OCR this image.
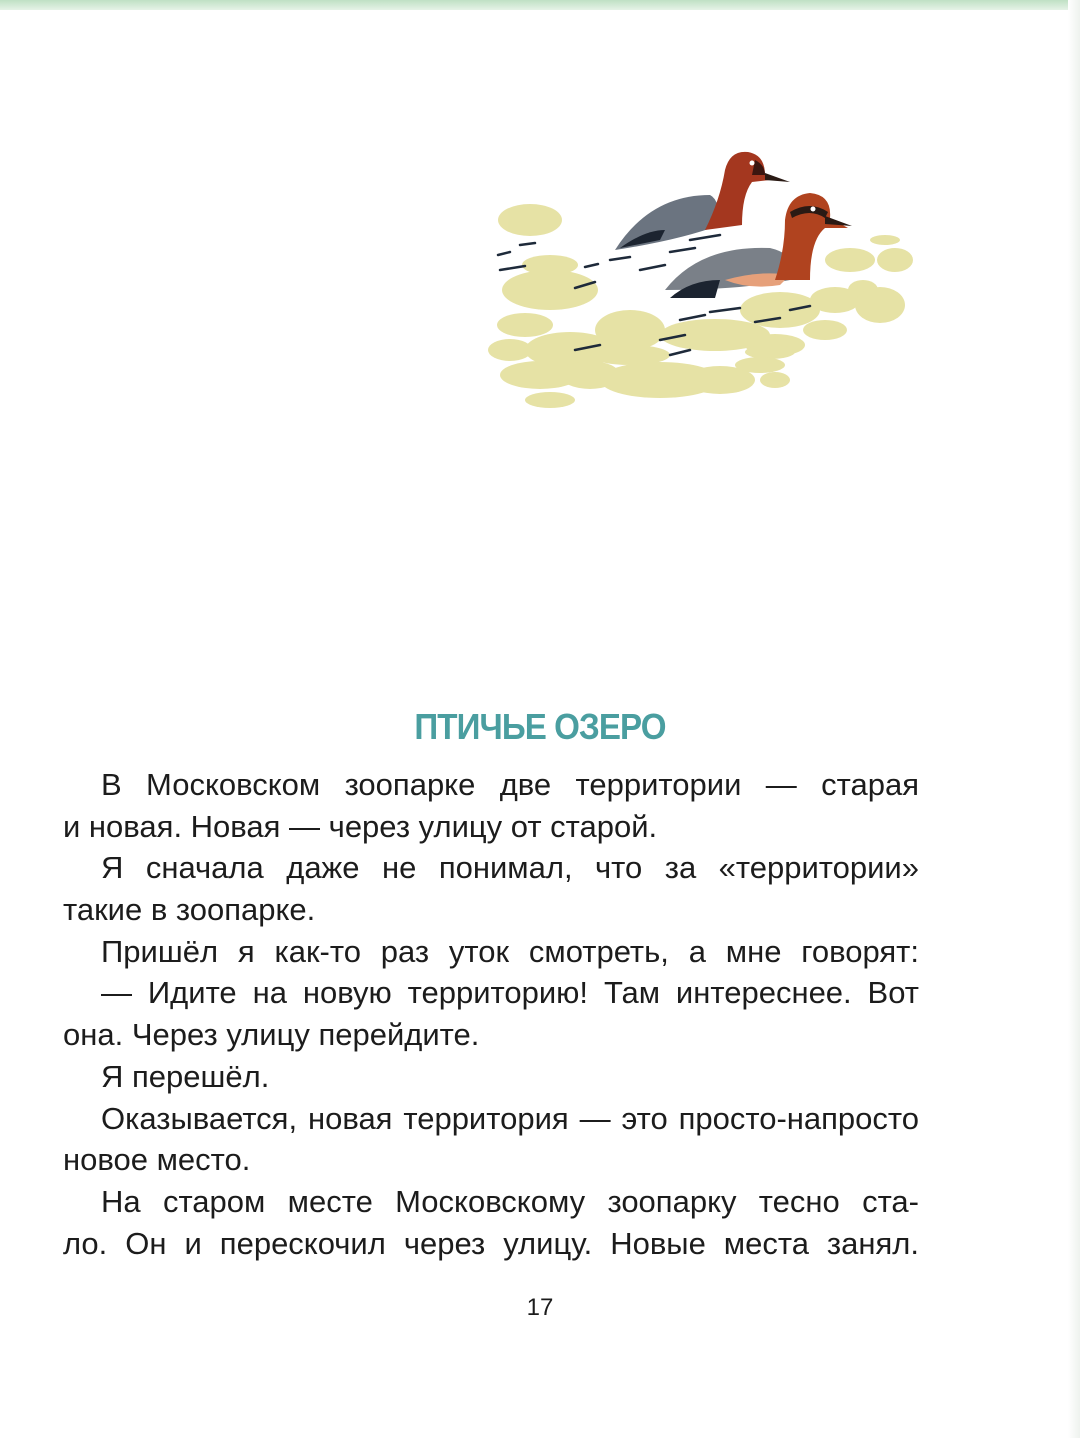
ПТИЧЬЕ ОЗЕРО
В Московском зоопарке две территории — старая
и новая. Новая — через улицу от старой.
Я сначала даже не понимал, что за «территории»
такие в зоопарке.
Пришёл я как-то раз уток смотреть, а мне говорят:
— Идите на новую территорию! Там интереснее. Вот
она. Через улицу перейдите.
Я перешёл.
Оказывается, новая территория — это просто-напросто
новое место.
На старом месте Московскому зоопарку тесно ста-
ло. Он и перескочил через улицу. Новые места занял.
17
